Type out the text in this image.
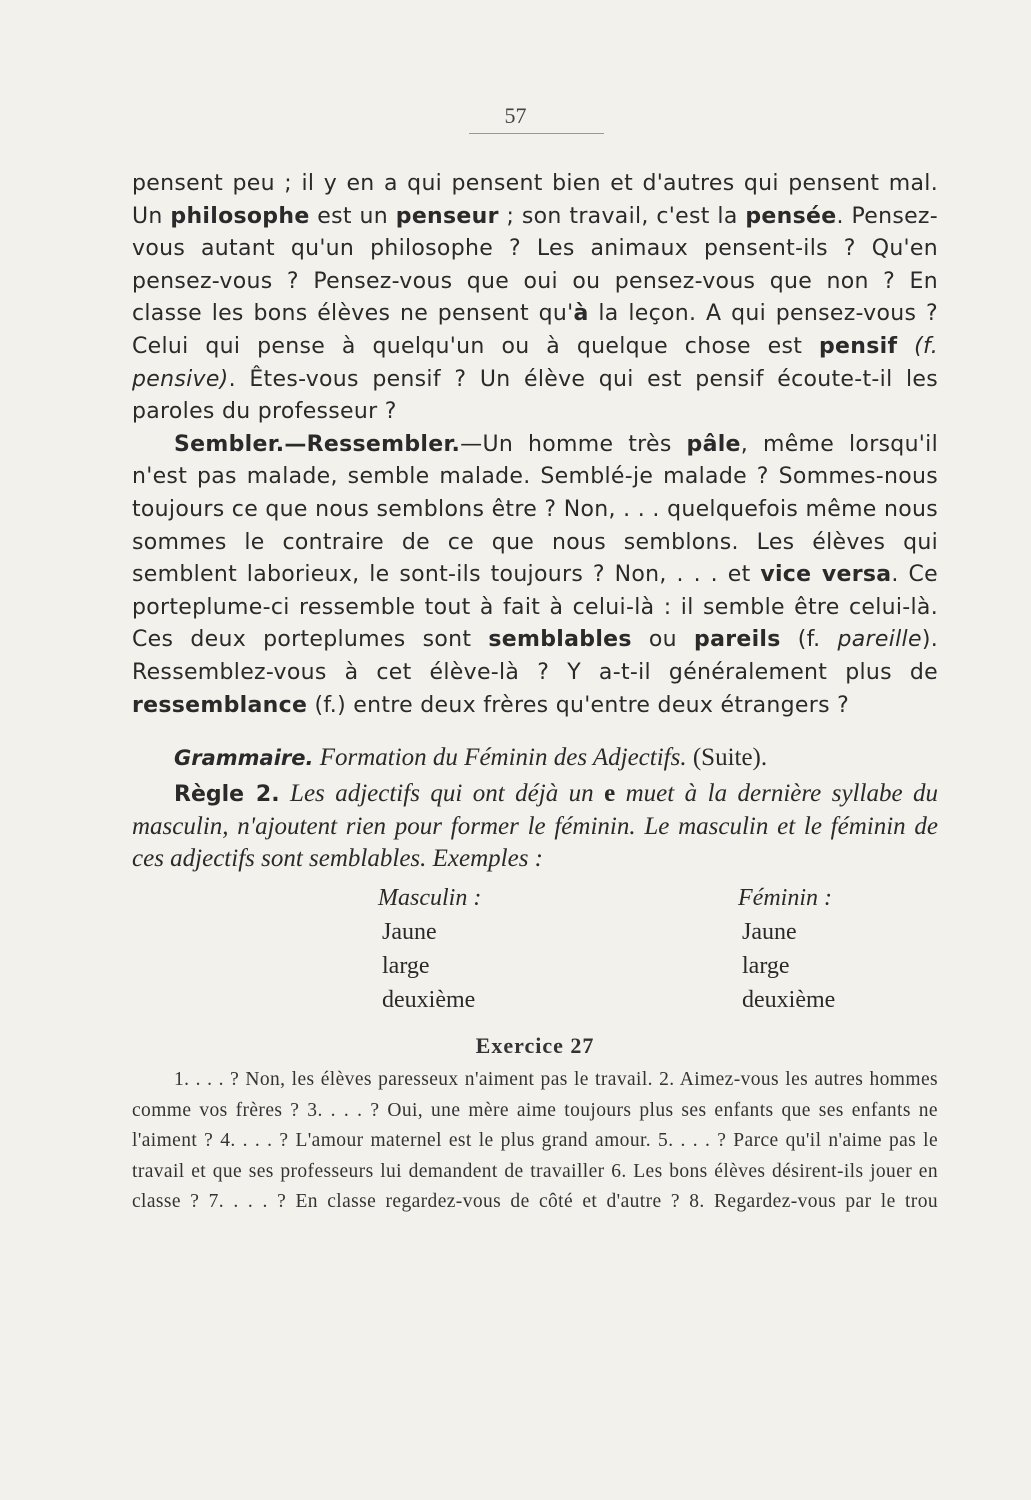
57

pensent peu ; il y en a qui pensent bien et d'autres qui pensent mal. Un philosophe est un penseur ; son travail, c'est la pensée. Pensez-vous autant qu'un philosophe ? Les animaux pensent-ils ? Qu'en pensez-vous ? Pensez-vous que oui ou pensez-vous que non ? En classe les bons élèves ne pensent qu'à la leçon. A qui pensez-vous ? Celui qui pense à quelqu'un ou à quelque chose est pensif (f. pensive). Êtes-vous pensif ? Un élève qui est pensif écoute-t-il les paroles du professeur ?

Sembler.—Ressembler.—Un homme très pâle, même lorsqu'il n'est pas malade, semble malade. Semblé-je malade ? Sommes-nous toujours ce que nous semblons être ? Non, . . . quelquefois même nous sommes le contraire de ce que nous semblons. Les élèves qui semblent laborieux, le sont-ils toujours ? Non, . . . et vice versa. Ce porteplume-ci ressemble tout à fait à celui-là : il semble être celui-là. Ces deux porteplumes sont semblables ou pareils (f. pareille). Ressemblez-vous à cet élève-là ? Y a-t-il généralement plus de ressemblance (f.) entre deux frères qu'entre deux étrangers ?

Grammaire. Formation du Féminin des Adjectifs. (Suite).

Règle 2. Les adjectifs qui ont déjà un e muet à la dernière syllabe du masculin, n'ajoutent rien pour former le féminin. Le masculin et le féminin de ces adjectifs sont semblables. Exemples :

Masculin :
Jaune
large
deuxième
Féminin :
Jaune
large
deuxième
Exercice 27

1. . . . ? Non, les élèves paresseux n'aiment pas le travail. 2. Aimez-vous les autres hommes comme vos frères ? 3. . . . ? Oui, une mère aime toujours plus ses enfants que ses enfants ne l'aiment ? 4. . . . ? L'amour maternel est le plus grand amour. 5. . . . ? Parce qu'il n'aime pas le travail et que ses professeurs lui demandent de travailler 6. Les bons élèves désirent-ils jouer en classe ? 7. . . . ? En classe regardez-vous de côté et d'autre ? 8. Regardez-vous par le trou
